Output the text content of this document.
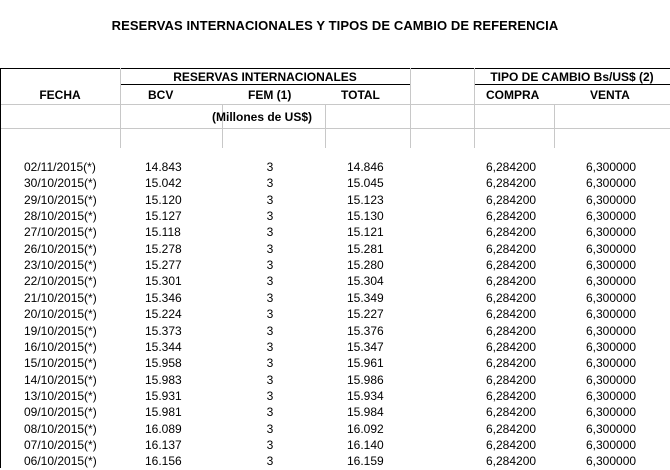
RESERVAS INTERNACIONALES Y TIPOS DE CAMBIO DE REFERENCIA
RESERVAS INTERNACIONALES	TIPO DE CAMBIO Bs/US$ (2)
FECHA	BCV	FEM (1)	TOTAL	COMPRA	VENTA
(Millones de US$)
02/11/2015(*)	14.843	3	14.846	6,284200	6,300000
30/10/2015(*)	15.042	3	15.045	6,284200	6,300000
29/10/2015(*)	15.120	3	15.123	6,284200	6,300000
28/10/2015(*)	15.127	3	15.130	6,284200	6,300000
27/10/2015(*)	15.118	3	15.121	6,284200	6,300000
26/10/2015(*)	15.278	3	15.281	6,284200	6,300000
23/10/2015(*)	15.277	3	15.280	6,284200	6,300000
22/10/2015(*)	15.301	3	15.304	6,284200	6,300000
21/10/2015(*)	15.346	3	15.349	6,284200	6,300000
20/10/2015(*)	15.224	3	15.227	6,284200	6,300000
19/10/2015(*)	15.373	3	15.376	6,284200	6,300000
16/10/2015(*)	15.344	3	15.347	6,284200	6,300000
15/10/2015(*)	15.958	3	15.961	6,284200	6,300000
14/10/2015(*)	15.983	3	15.986	6,284200	6,300000
13/10/2015(*)	15.931	3	15.934	6,284200	6,300000
09/10/2015(*)	15.981	3	15.984	6,284200	6,300000
08/10/2015(*)	16.089	3	16.092	6,284200	6,300000
07/10/2015(*)	16.137	3	16.140	6,284200	6,300000
06/10/2015(*)	16.156	3	16.159	6,284200	6,300000
